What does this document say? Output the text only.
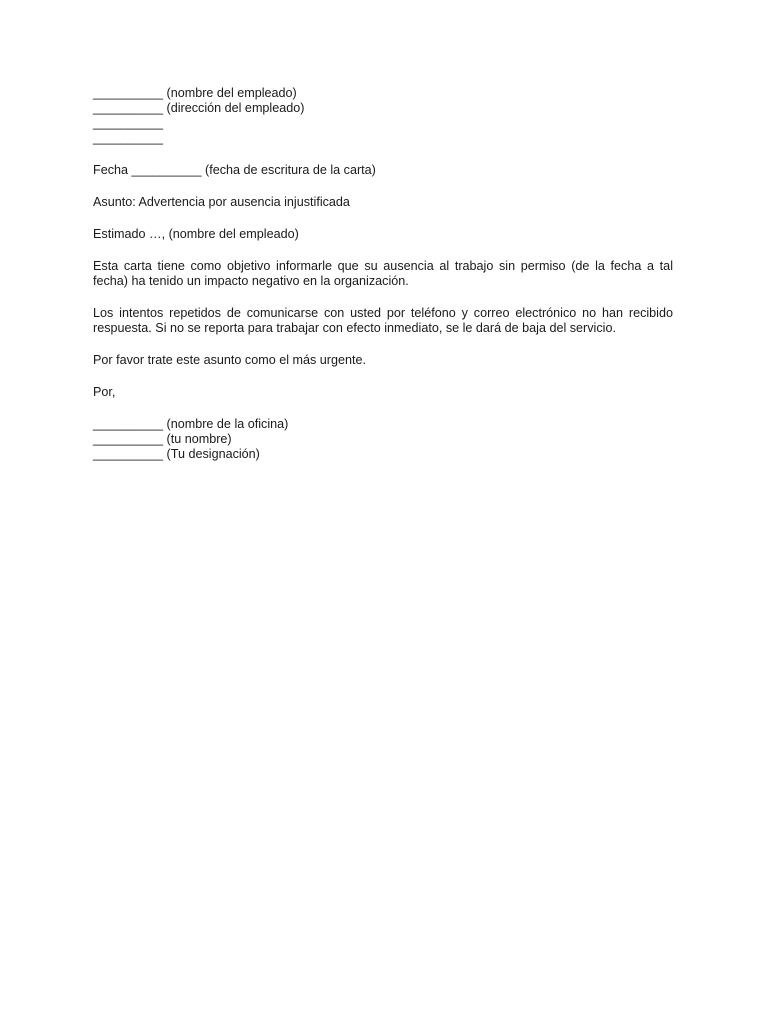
__________ (nombre del empleado)
__________ (dirección del empleado)
__________
__________
Fecha __________ (fecha de escritura de la carta)
Asunto: Advertencia por ausencia injustificada
Estimado …, (nombre del empleado)
Esta carta tiene como objetivo informarle que su ausencia al trabajo sin permiso (de la fecha a tal fecha) ha tenido un impacto negativo en la organización.
Los intentos repetidos de comunicarse con usted por teléfono y correo electrónico no han recibido respuesta. Si no se reporta para trabajar con efecto inmediato, se le dará de baja del servicio.
Por favor trate este asunto como el más urgente.
Por,
__________ (nombre de la oficina)
__________ (tu nombre)
__________ (Tu designación)
